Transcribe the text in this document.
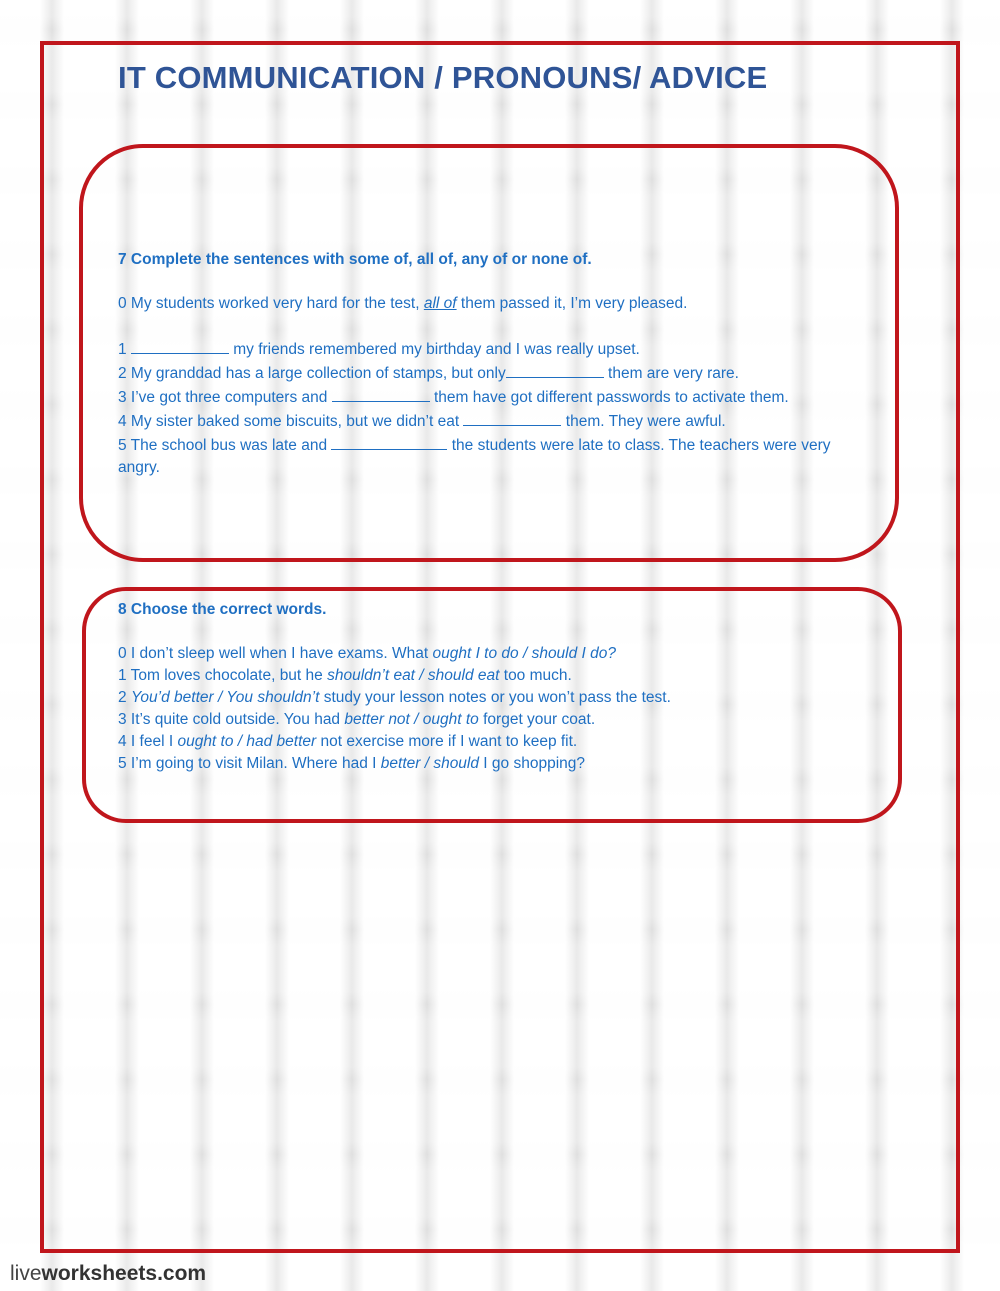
IT COMMUNICATION / PRONOUNS/ ADVICE

7 Complete the sentences with some of, all of, any of or none of.

0 My students worked very hard for the test, all of them passed it, I’m very pleased.

1	my friends remembered my birthday and I was really upset.

2 My granddad has a large collection of stamps, but only	them are very rare.

3 I’ve got three computers and	them have got different passwords to activate them.

4 My sister baked some biscuits, but we didn’t eat	them. They were awful.

5 The school bus was late and	the students were late to class. The teachers were very angry.

8 Choose the correct words.

0 I don’t sleep well when I have exams. What ought I to do / should I do?

1 Tom loves chocolate, but he shouldn’t eat / should eat too much.

2 You’d better / You shouldn’t study your lesson notes or you won’t pass the test.

3 It’s quite cold outside. You had better not / ought to forget your coat.

4 I feel I ought to / had better not exercise more if I want to keep fit.

5 I’m going to visit Milan. Where had I better / should I go shopping?

liveworksheets.com
